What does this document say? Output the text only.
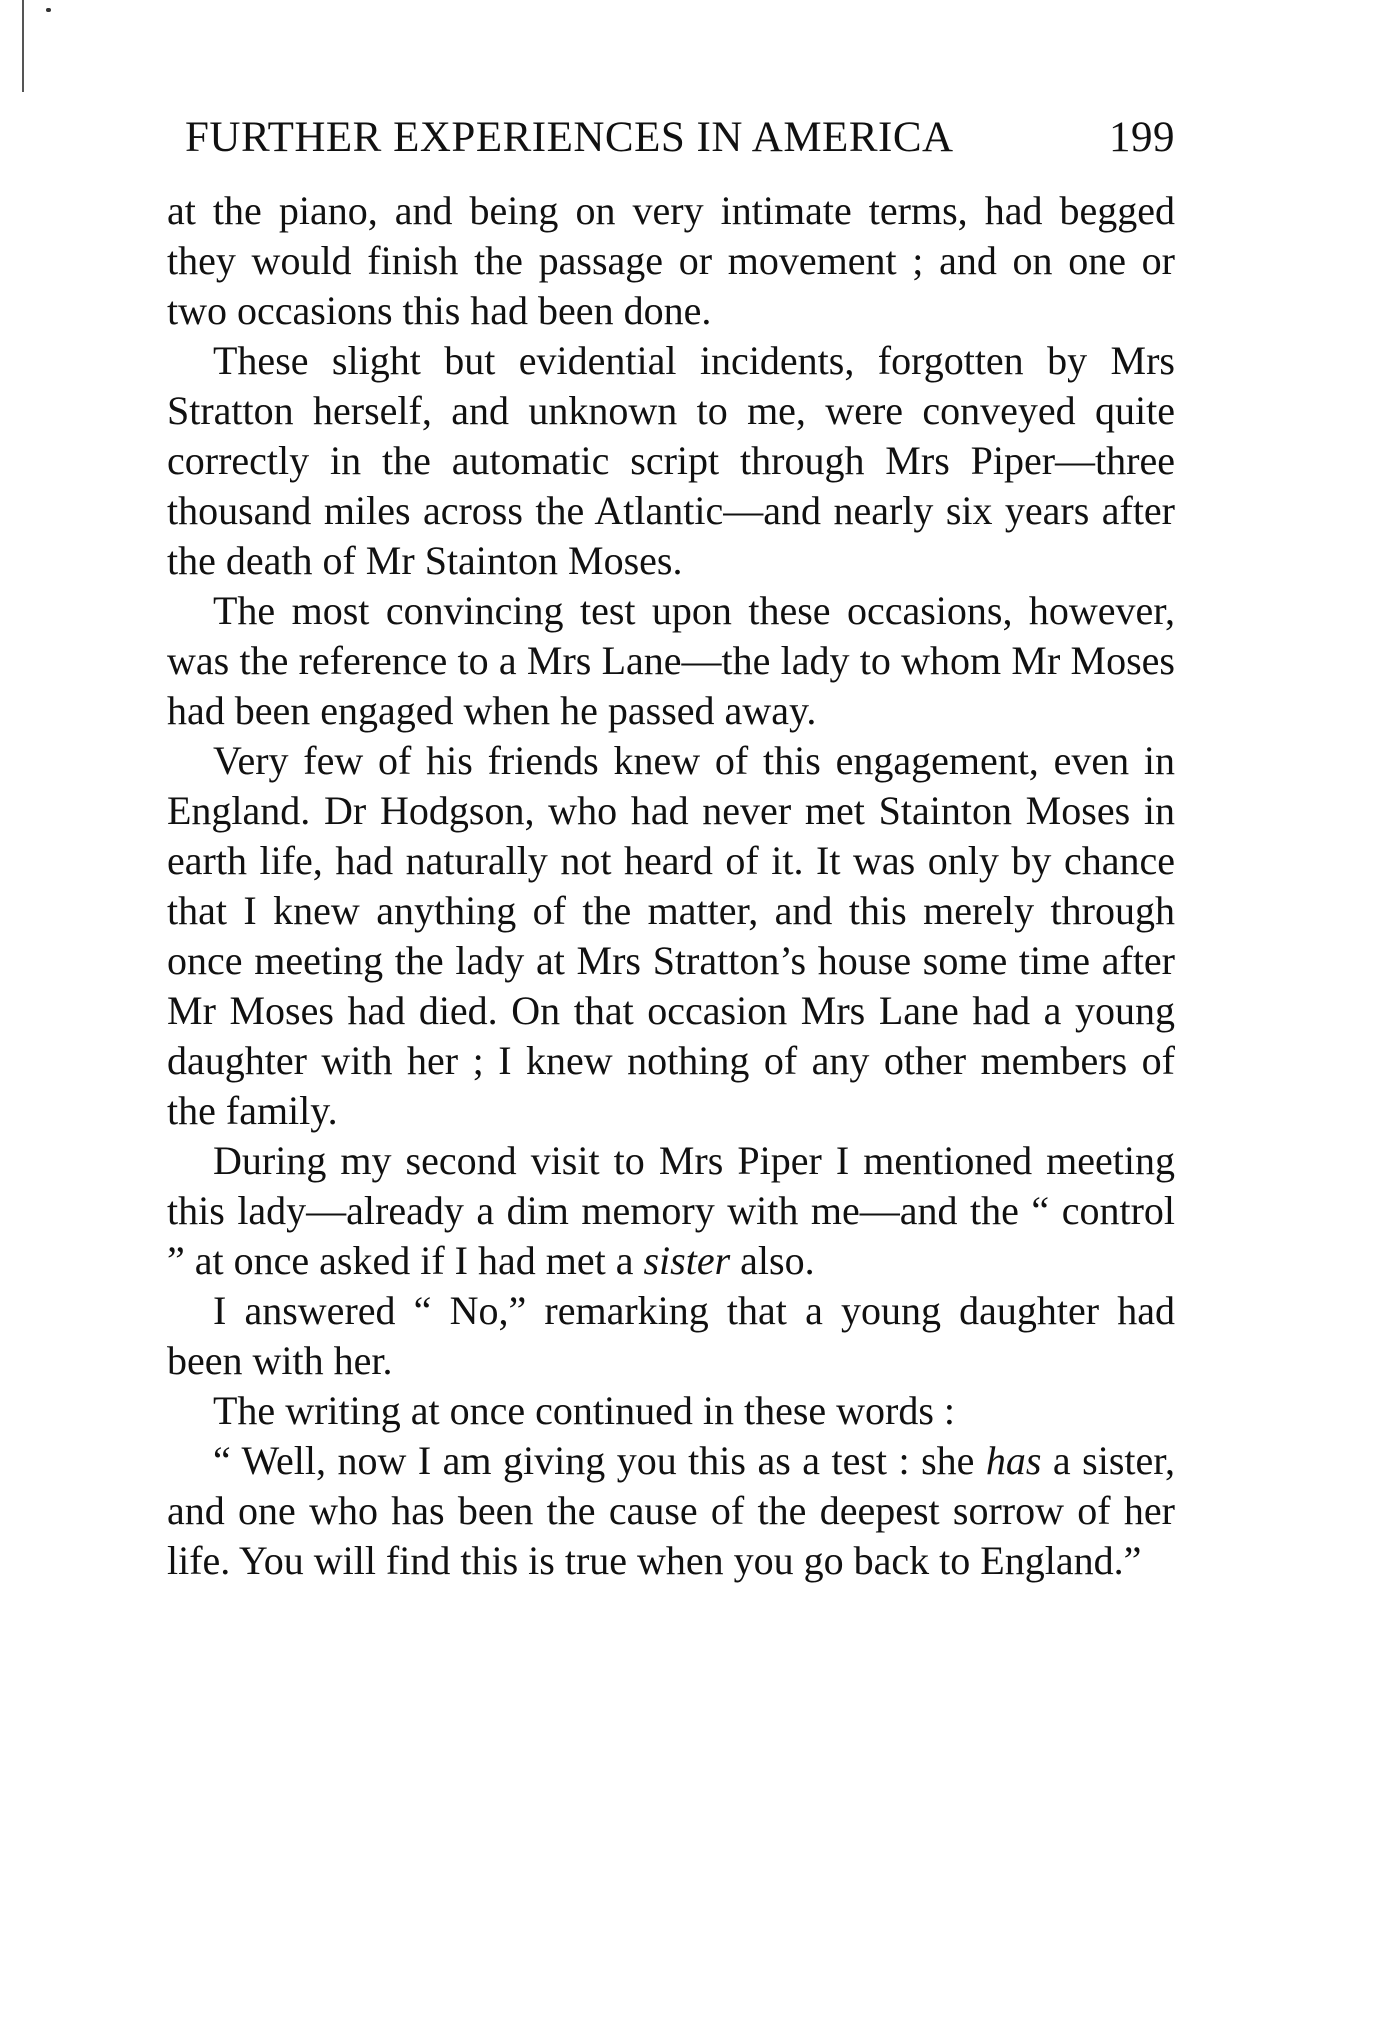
FURTHER EXPERIENCES IN AMERICA	199

at the piano, and being on very intimate terms, had begged they would finish the passage or movement ; and on one or two occasions this had been done.

These slight but evidential incidents, forgotten by Mrs Stratton herself, and unknown to me, were conveyed quite correctly in the automatic script through Mrs Piper—three thousand miles across the Atlantic—and nearly six years after the death of Mr Stainton Moses.

The most convincing test upon these occasions, however, was the reference to a Mrs Lane—the lady to whom Mr Moses had been engaged when he passed away.

Very few of his friends knew of this engagement, even in England. Dr Hodgson, who had never met Stainton Moses in earth life, had naturally not heard of it. It was only by chance that I knew anything of the matter, and this merely through once meeting the lady at Mrs Stratton’s house some time after Mr Moses had died. On that occasion Mrs Lane had a young daughter with her ; I knew nothing of any other members of the family.

During my second visit to Mrs Piper I mentioned meeting this lady—already a dim memory with me—and the “ control ” at once asked if I had met a sister also.

I answered “ No,” remarking that a young daughter had been with her.

The writing at once continued in these words :

“ Well, now I am giving you this as a test : she has a sister, and one who has been the cause of the deepest sorrow of her life. You will find this is true when you go back to England.”
